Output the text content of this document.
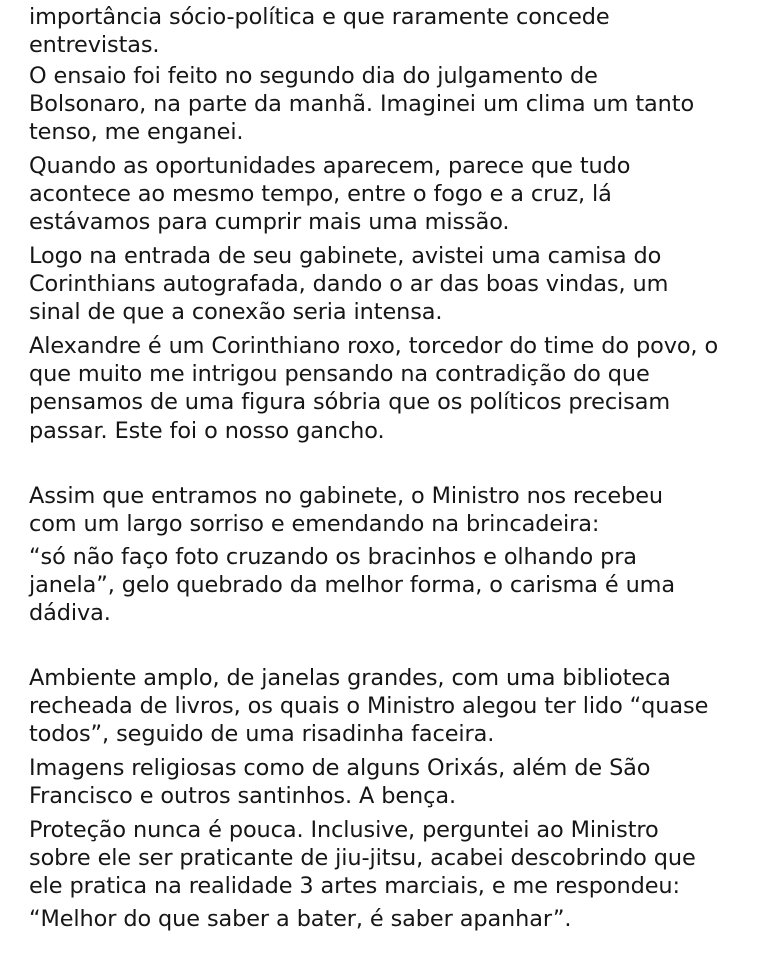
importância sócio-política e que raramente concede
entrevistas.
O ensaio foi feito no segundo dia do julgamento de
Bolsonaro, na parte da manhã. Imaginei um clima um tanto
tenso, me enganei.
Quando as oportunidades aparecem, parece que tudo
acontece ao mesmo tempo, entre o fogo e a cruz, lá
estávamos para cumprir mais uma missão.
Logo na entrada de seu gabinete, avistei uma camisa do
Corinthians autografada, dando o ar das boas vindas, um
sinal de que a conexão seria intensa.
Alexandre é um Corinthiano roxo, torcedor do time do povo, o
que muito me intrigou pensando na contradição do que
pensamos de uma figura sóbria que os políticos precisam
passar. Este foi o nosso gancho.
Assim que entramos no gabinete, o Ministro nos recebeu
com um largo sorriso e emendando na brincadeira:
“só não faço foto cruzando os bracinhos e olhando pra
janela”, gelo quebrado da melhor forma, o carisma é uma
dádiva.
Ambiente amplo, de janelas grandes, com uma biblioteca
recheada de livros, os quais o Ministro alegou ter lido “quase
todos”, seguido de uma risadinha faceira.
Imagens religiosas como de alguns Orixás, além de São
Francisco e outros santinhos. A bença.
Proteção nunca é pouca. Inclusive, perguntei ao Ministro
sobre ele ser praticante de jiu-jitsu, acabei descobrindo que
ele pratica na realidade 3 artes marciais, e me respondeu:
“Melhor do que saber a bater, é saber apanhar”.
